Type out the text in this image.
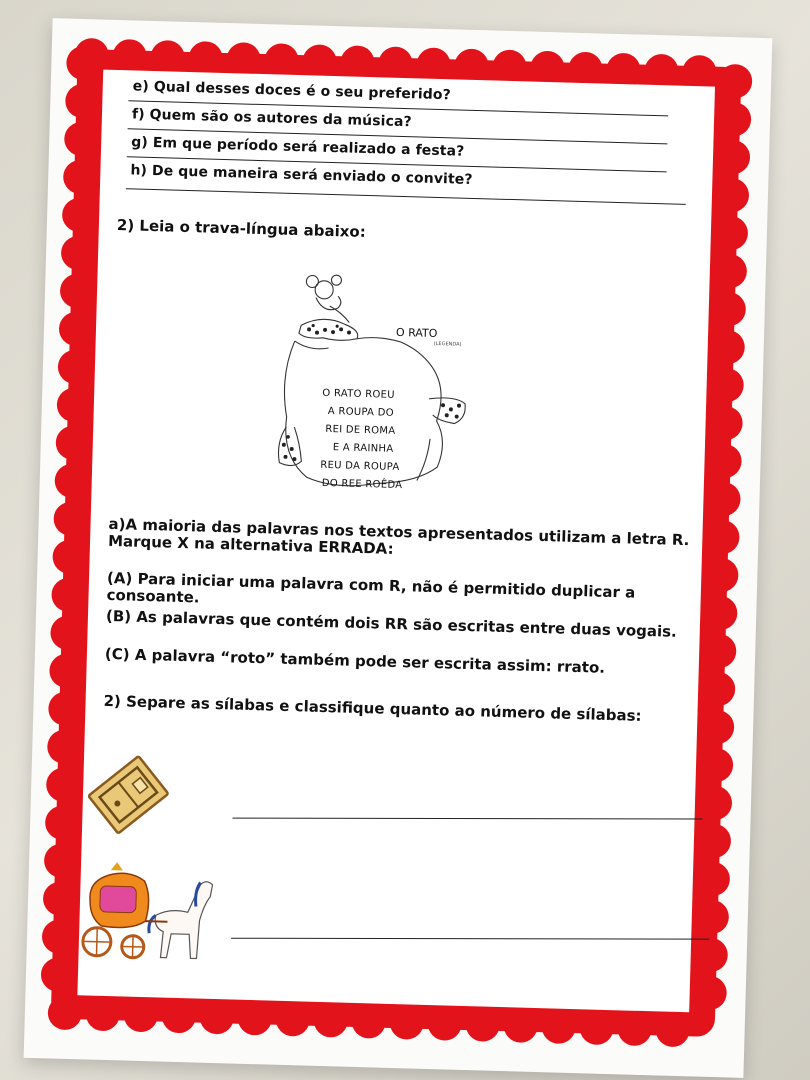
e) Qual desses doces é o seu preferido?
f) Quem são os autores da música?
g) Em que período será realizado a festa?
h) De que maneira será enviado o convite?
2) Leia o trava-língua abaixo:
O RATO
(LEGENDA)
O RATO ROEU
A ROUPA DO
REI DE ROMA
E A RAINHA
REU DA ROUPA
DO REE ROÊDA
a)A maioria das palavras nos textos apresentados utilizam a letra R. Marque X na alternativa ERRADA:
(A) Para iniciar uma palavra com R, não é permitido duplicar a consoante.
(B) As palavras que contém dois RR são escritas entre duas vogais.
(C) A palavra “roto” também pode ser escrita assim: rrato.
2) Separe as sílabas e classifique quanto ao número de sílabas:
